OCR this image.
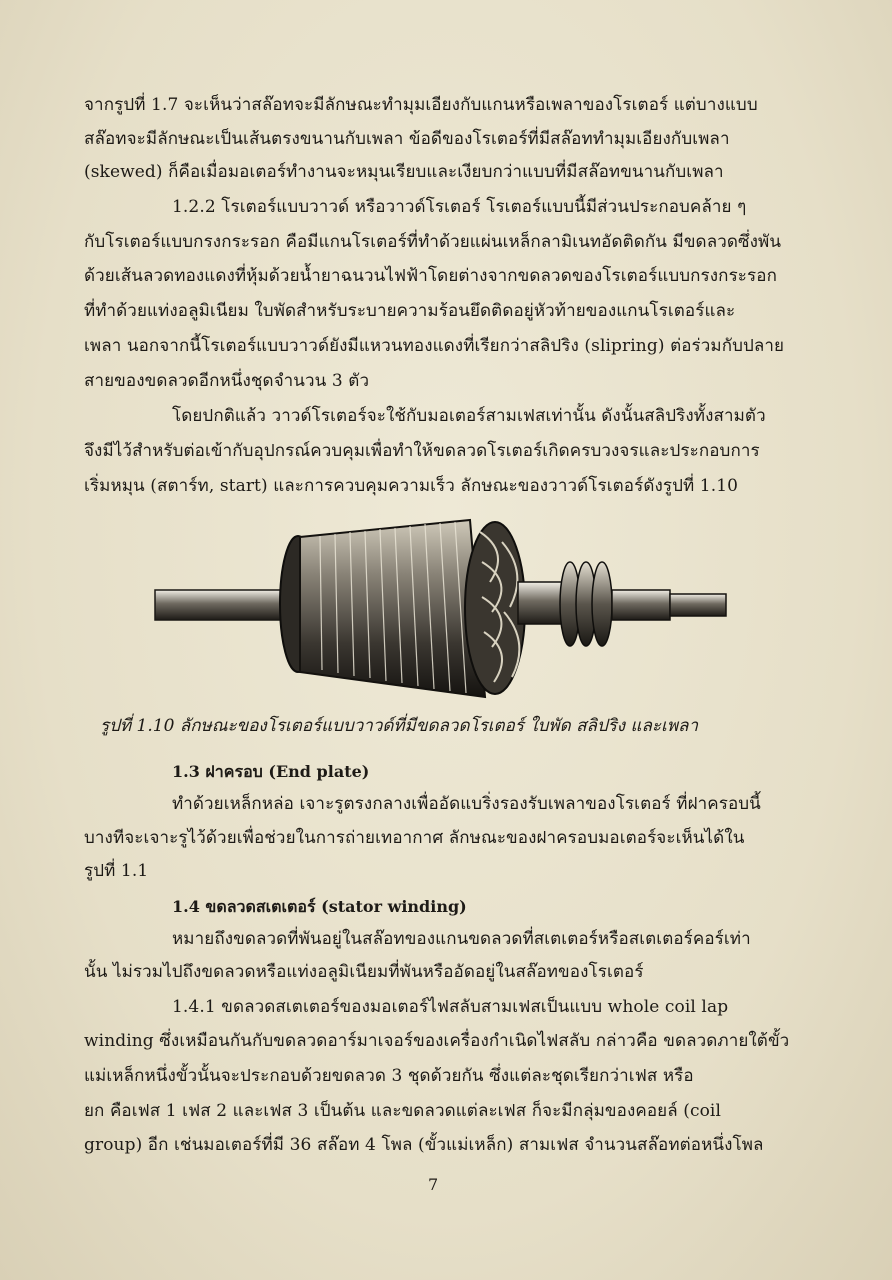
จากรูปที่ 1.7 จะเห็นว่าสล๊อทจะมีลักษณะทำมุมเอียงกับแกนหรือเพลาของโรเตอร์ แต่บางแบบ
สล๊อทจะมีลักษณะเป็นเส้นตรงขนานกับเพลา ข้อดีของโรเตอร์ที่มีสล๊อททำมุมเอียงกับเพลา
(skewed) ก็คือเมื่อมอเตอร์ทำงานจะหมุนเรียบและเงียบกว่าแบบที่มีสล๊อทขนานกับเพลา
1.2.2 โรเตอร์แบบวาวด์ หรือวาวด์โรเตอร์ โรเตอร์แบบนี้มีส่วนประกอบคล้าย ๆ
กับโรเตอร์แบบกรงกระรอก คือมีแกนโรเตอร์ที่ทำด้วยแผ่นเหล็กลามิเนทอัดติดกัน มีขดลวดซึ่งพัน
ด้วยเส้นลวดทองแดงที่หุ้มด้วยน้ำยาฉนวนไฟฟ้าโดยต่างจากขดลวดของโรเตอร์แบบกรงกระรอก
ที่ทำด้วยแท่งอลูมิเนียม ใบพัดสำหรับระบายความร้อนยึดติดอยู่หัวท้ายของแกนโรเตอร์และ
เพลา นอกจากนี้โรเตอร์แบบวาวด์ยังมีแหวนทองแดงที่เรียกว่าสลิปริง (slipring) ต่อร่วมกับปลาย
สายของขดลวดอีกหนึ่งชุดจำนวน 3 ตัว
โดยปกติแล้ว วาวด์โรเตอร์จะใช้กับมอเตอร์สามเฟสเท่านั้น ดังนั้นสลิปริงทั้งสามตัว
จึงมีไว้สำหรับต่อเข้ากับอุปกรณ์ควบคุมเพื่อทำให้ขดลวดโรเตอร์เกิดครบวงจรและประกอบการ
เริ่มหมุน (สตาร์ท, start) และการควบคุมความเร็ว ลักษณะของวาวด์โรเตอร์ดังรูปที่ 1.10
รูปที่ 1.10 ลักษณะของโรเตอร์แบบวาวด์ที่มีขดลวดโรเตอร์ ใบพัด สลิปริง และเพลา
1.3 ฝาครอบ (End plate)
ทำด้วยเหล็กหล่อ เจาะรูตรงกลางเพื่ออัดแบริ่งรองรับเพลาของโรเตอร์ ที่ฝาครอบนี้
บางทีจะเจาะรูไว้ด้วยเพื่อช่วยในการถ่ายเทอากาศ ลักษณะของฝาครอบมอเตอร์จะเห็นได้ใน
รูปที่ 1.1
1.4 ขดลวดสเตเตอร์ (stator winding)
หมายถึงขดลวดที่พันอยู่ในสล๊อทของแกนขดลวดที่สเตเตอร์หรือสเตเตอร์คอร์เท่า
นั้น ไม่รวมไปถึงขดลวดหรือแท่งอลูมิเนียมที่พันหรืออัดอยู่ในสล๊อทของโรเตอร์
1.4.1 ขดลวดสเตเตอร์ของมอเตอร์ไฟสลับสามเฟสเป็นแบบ whole coil lap
winding ซึ่งเหมือนกันกับขดลวดอาร์มาเจอร์ของเครื่องกำเนิดไฟสลับ กล่าวคือ ขดลวดภายใต้ขั้ว
แม่เหล็กหนึ่งขั้วนั้นจะประกอบด้วยขดลวด 3 ชุดด้วยกัน ซึ่งแต่ละชุดเรียกว่าเฟส หรือ
ยก คือเฟส 1 เฟส 2 และเฟส 3 เป็นต้น และขดลวดแต่ละเฟส ก็จะมีกลุ่มของคอยล์ (coil
group) อีก เช่นมอเตอร์ที่มี 36 สล๊อท 4 โพล (ขั้วแม่เหล็ก) สามเฟส จำนวนสล๊อทต่อหนึ่งโพล
7
